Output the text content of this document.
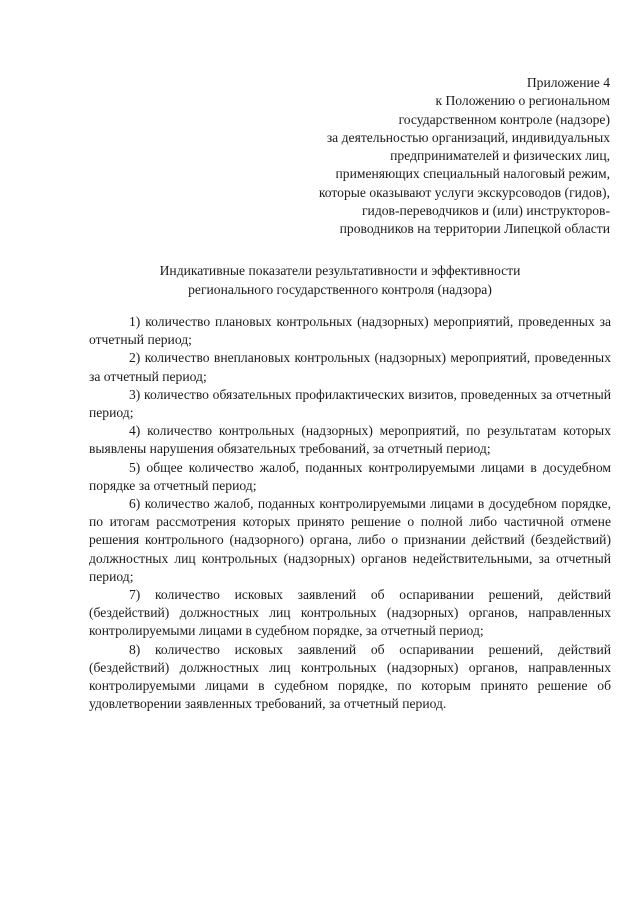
Приложение 4
к Положению о региональном
государственном контроле (надзоре)
за деятельностью организаций, индивидуальных
предпринимателей и физических лиц,
применяющих специальный налоговый режим,
которые оказывают услуги экскурсоводов (гидов),
гидов-переводчиков и (или) инструкторов-
проводников на территории Липецкой области
Индикативные показатели результативности и эффективности
регионального государственного контроля (надзора)

1) количество плановых контрольных (надзорных) мероприятий, проведенных за отчетный период;

2) количество внеплановых контрольных (надзорных) мероприятий, проведенных за отчетный период;

3) количество обязательных профилактических визитов, проведенных за отчетный период;

4) количество контрольных (надзорных) мероприятий, по результатам которых выявлены нарушения обязательных требований, за отчетный период;

5) общее количество жалоб, поданных контролируемыми лицами в досудебном порядке за отчетный период;

6) количество жалоб, поданных контролируемыми лицами в досудебном порядке, по итогам рассмотрения которых принято решение о полной либо частичной отмене решения контрольного (надзорного) органа, либо о признании действий (бездействий) должностных лиц контрольных (надзорных) органов недействительными, за отчетный период;

7) количество исковых заявлений об оспаривании решений, действий (бездействий) должностных лиц контрольных (надзорных) органов, направленных контролируемыми лицами в судебном порядке, за отчетный период;

8) количество исковых заявлений об оспаривании решений, действий (бездействий) должностных лиц контрольных (надзорных) органов, направленных контролируемыми лицами в судебном порядке, по которым принято решение об удовлетворении заявленных требований, за отчетный период.
